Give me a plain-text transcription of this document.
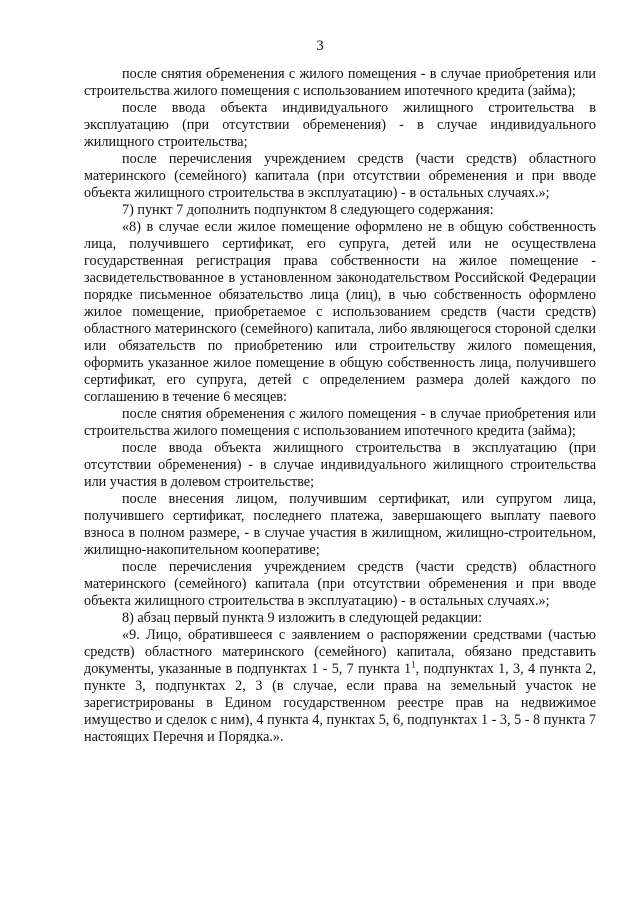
3

после снятия обременения с жилого помещения - в случае приобретения или строительства жилого помещения с использованием ипотечного кредита (займа);

после ввода объекта индивидуального жилищного строительства в эксплуатацию (при отсутствии обременения) - в случае индивидуального жилищного строительства;

после перечисления учреждением средств (части средств) областного материнского (семейного) капитала (при отсутствии обременения и при вводе объекта жилищного строительства в эксплуатацию) - в остальных случаях.»;

7) пункт 7 дополнить подпунктом 8 следующего содержания:

«8) в случае если жилое помещение оформлено не в общую собственность лица, получившего сертификат, его супруга, детей или не осуществлена государственная регистрация права собственности на жилое помещение - засвидетельствованное в установленном законодательством Российской Федерации порядке письменное обязательство лица (лиц), в чью собственность оформлено жилое помещение, приобретаемое с использованием средств (части средств) областного материнского (семейного) капитала, либо являющегося стороной сделки или обязательств по приобретению или строительству жилого помещения, оформить указанное жилое помещение в общую собственность лица, получившего сертификат, его супруга, детей с определением размера долей каждого по соглашению в течение 6 месяцев:

после снятия обременения с жилого помещения - в случае приобретения или строительства жилого помещения с использованием ипотечного кредита (займа);

после ввода объекта жилищного строительства в эксплуатацию (при отсутствии обременения) - в случае индивидуального жилищного строительства или участия в долевом строительстве;

после внесения лицом, получившим сертификат, или супругом лица, получившего сертификат, последнего платежа, завершающего выплату паевого взноса в полном размере, - в случае участия в жилищном, жилищно-строительном, жилищно-накопительном кооперативе;

после перечисления учреждением средств (части средств) областного материнского (семейного) капитала (при отсутствии обременения и при вводе объекта жилищного строительства в эксплуатацию) - в остальных случаях.»;

8) абзац первый пункта 9 изложить в следующей редакции:

«9. Лицо, обратившееся с заявлением о распоряжении средствами (частью средств) областного материнского (семейного) капитала, обязано представить документы, указанные в подпунктах 1 - 5, 7 пункта $1^1$, подпунктах 1, 3, 4 пункта 2, пункте 3, подпунктах 2, 3 (в случае, если права на земельный участок не зарегистрированы в Едином государственном реестре прав на недвижимое имущество и сделок с ним), 4 пункта 4, пунктах 5, 6, подпунктах 1 - 3, 5 - 8 пункта 7 настоящих Перечня и Порядка.».
